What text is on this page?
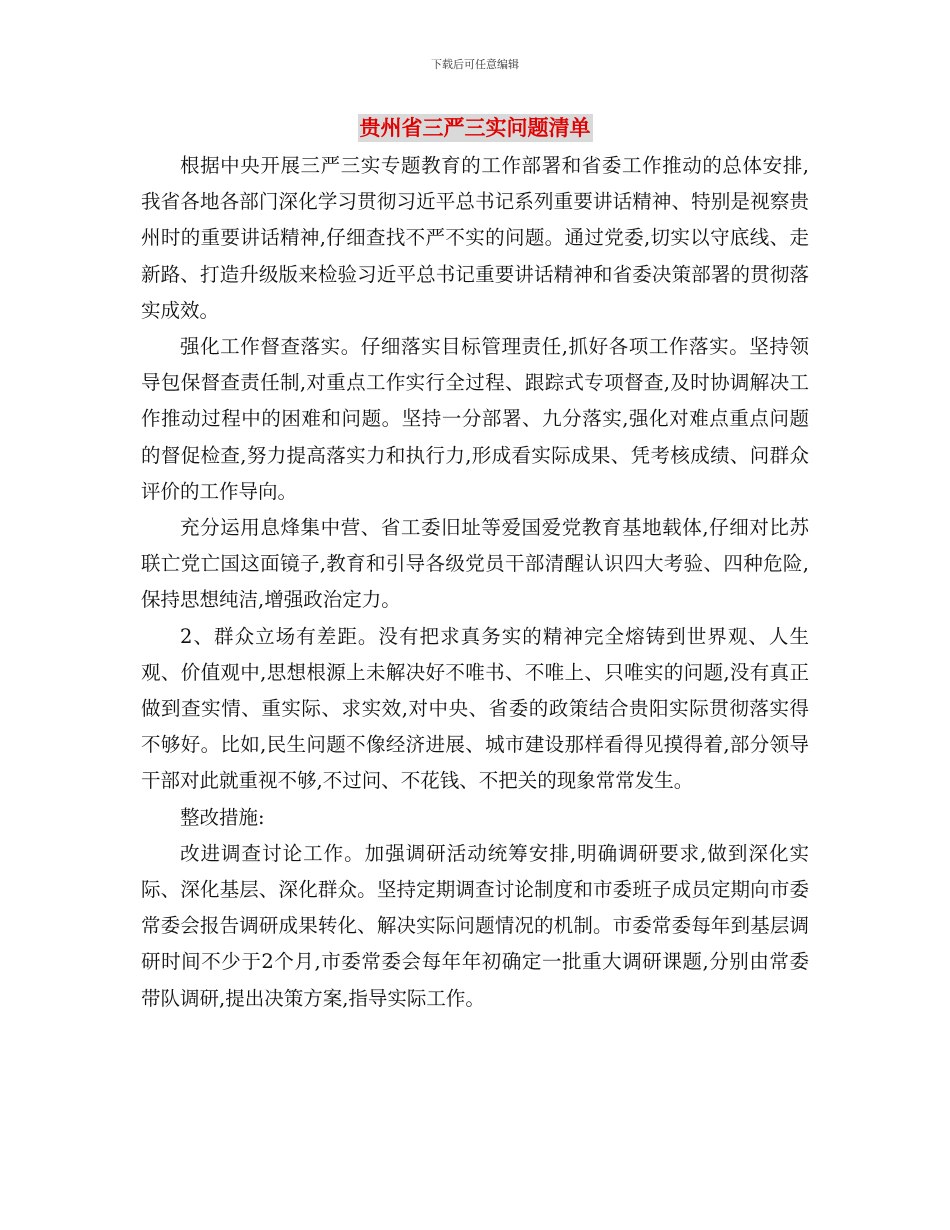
下载后可任意编辑
贵州省三严三实问题清单

根据中央开展三严三实专题教育的工作部署和省委工作推动的总体安排,我省各地各部门深化学习贯彻习近平总书记系列重要讲话精神、特别是视察贵州时的重要讲话精神,仔细查找不严不实的问题。通过党委,切实以守底线、走新路、打造升级版来检验习近平总书记重要讲话精神和省委决策部署的贯彻落实成效。

强化工作督查落实。仔细落实目标管理责任,抓好各项工作落实。坚持领导包保督查责任制,对重点工作实行全过程、跟踪式专项督查,及时协调解决工作推动过程中的困难和问题。坚持一分部署、九分落实,强化对难点重点问题的督促检查,努力提高落实力和执行力,形成看实际成果、凭考核成绩、问群众评价的工作导向。

充分运用息烽集中营、省工委旧址等爱国爱党教育基地载体,仔细对比苏联亡党亡国这面镜子,教育和引导各级党员干部清醒认识四大考验、四种危险,保持思想纯洁,增强政治定力。

2、群众立场有差距。没有把求真务实的精神完全熔铸到世界观、人生观、价值观中,思想根源上未解决好不唯书、不唯上、只唯实的问题,没有真正做到查实情、重实际、求实效,对中央、省委的政策结合贵阳实际贯彻落实得不够好。比如,民生问题不像经济进展、城市建设那样看得见摸得着,部分领导干部对此就重视不够,不过问、不花钱、不把关的现象常常发生。

整改措施:

改进调查讨论工作。加强调研活动统筹安排,明确调研要求,做到深化实际、深化基层、深化群众。坚持定期调查讨论制度和市委班子成员定期向市委常委会报告调研成果转化、解决实际问题情况的机制。市委常委每年到基层调研时间不少于2个月,市委常委会每年年初确定一批重大调研课题,分别由常委带队调研,提出决策方案,指导实际工作。
